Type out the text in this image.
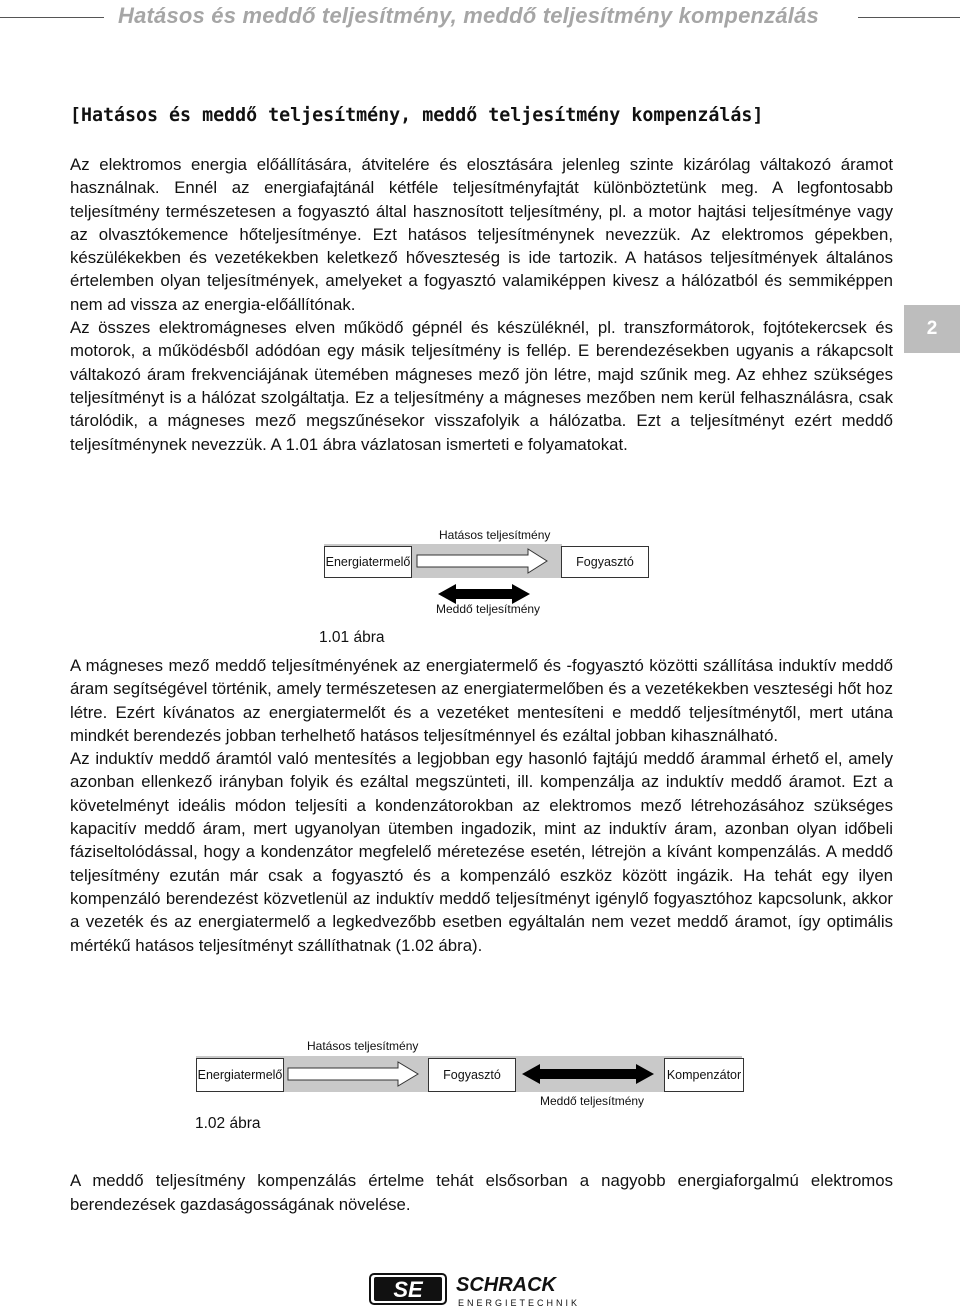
Hatásos és meddő teljesítmény, meddő teljesítmény kompenzálás
[Hatásos és meddő teljesítmény, meddő teljesítmény kompenzálás]
2

Az elektromos energia előállítására, átvitelére és elosztására jelenleg szinte kizárólag váltakozó áramot használnak. Ennél az energiafajtánál kétféle teljesítményfajtát különböztetünk meg. A legfontosabb teljesítmény természetesen a fogyasztó által hasznosított teljesítmény, pl. a motor hajtási teljesítménye vagy az olvasztókemence hőteljesítménye. Ezt hatásos teljesítménynek nevezzük. Az elektromos gépekben, készülékekben és vezetékekben keletkező hőveszteség is ide tartozik. A hatásos teljesítmények általános értelemben olyan teljesítmények, amelyeket a fogyasztó valamiképpen kivesz a hálózatból és semmiképpen nem ad vissza az energia-előállítónak.

Az összes elektromágneses elven működő gépnél és készüléknél, pl. transzformátorok, fojtótekercsek és motorok, a működésből adódóan egy másik teljesítmény is fellép. E berendezésekben ugyanis a rákapcsolt váltakozó áram frekvenciájának ütemében mágneses mező jön létre, majd szűnik meg. Az ehhez szükséges teljesítményt is a hálózat szolgáltatja. Ez a teljesítmény a mágneses mezőben nem kerül felhasználásra, csak tárolódik, a mágneses mező megszűnésekor visszafolyik a hálózatba. Ezt a teljesítményt ezért meddő teljesítménynek nevezzük. A 1.01 ábra vázlatosan ismerteti e folyamatokat.

Hatásos teljesítmény
Energiatermelő	Fogyasztó
Meddő teljesítmény
1.01 ábra

A mágneses mező meddő teljesítményének az energiatermelő és -fogyasztó közötti szállítása induktív meddő áram segítségével történik, amely természetesen az energiatermelőben és a vezetékekben veszteségi hőt hoz létre. Ezért kívánatos az energiatermelőt és a vezetéket mentesíteni e meddő teljesítménytől, mert utána mindkét berendezés jobban terhelhető hatásos teljesítménnyel és ezáltal jobban kihasználható.

Az induktív meddő áramtól való mentesítés a legjobban egy hasonló fajtájú meddő árammal érhető el, amely azonban ellenkező irányban folyik és ezáltal megszünteti, ill. kompenzálja az induktív meddő áramot. Ezt a követelményt ideális módon teljesíti a kondenzátorokban az elektromos mező létrehozásához szükséges kapacitív meddő áram, mert ugyanolyan ütemben ingadozik, mint az induktív áram, azonban olyan időbeli fáziseltolódással, hogy a kondenzátor megfelelő méretezése esetén, létrejön a kívánt kompenzálás. A meddő teljesítmény ezután már csak a fogyasztó és a kompenzáló eszköz között ingázik. Ha tehát egy ilyen kompenzáló berendezést közvetlenül az induktív meddő teljesítményt igénylő fogyasztóhoz kapcsolunk, akkor a vezeték és az energiatermelő a legkedvezőbb esetben egyáltalán nem vezet meddő áramot, így optimális mértékű hatásos teljesítményt szállíthatnak (1.02 ábra).

Hatásos teljesítmény
Energiatermelő	Fogyasztó	Kompenzátor
Meddő teljesítmény
1.02 ábra

A meddő teljesítmény kompenzálás értelme tehát elsősorban a nagyobb energiaforgalmú elektromos berendezések gazdaságosságának növelése.

SE SCHRACK
ENERGIETECHNIK
